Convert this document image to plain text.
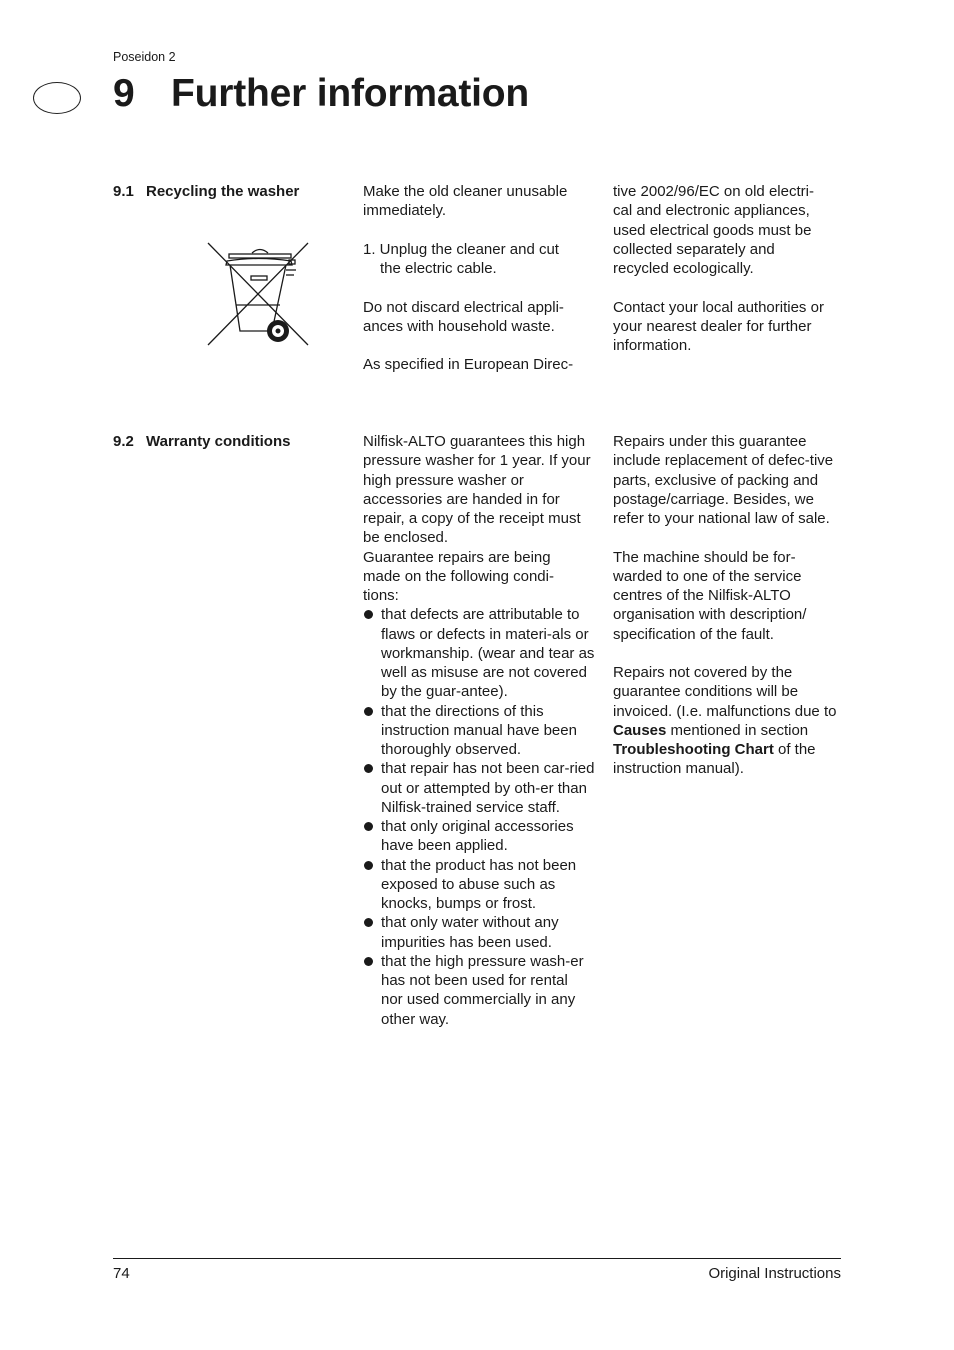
Poseidon 2
9 Further information
9.1 Recycling the washer	Make the old cleaner unusable immediately.

1. Unplug the cleaner and cut

the electric cable.

Do not discard electrical appli-ances with household waste.

As specified in European Direc-

tive 2002/96/EC on old electri-cal and electronic appliances, used electrical goods must be collected separately and recycled ecologically.

Contact your local authorities or your nearest dealer for further information.

9.2 Warranty conditions	Nilfisk-ALTO guarantees this high pressure washer for 1 year. If your high pressure washer or accessories are handed in for repair, a copy of the receipt must be enclosed.

Guarantee repairs are being made on the following condi-tions:

that defects are attributable to flaws or defects in materi-als or workmanship. (wear and tear as well as misuse are not covered by the guar-antee).
that the directions of this instruction manual have been thoroughly observed.
that repair has not been car-ried out or attempted by oth-er than Nilfisk-trained service staff.
that only original accessories have been applied.
that the product has not been exposed to abuse such as knocks, bumps or frost.
that only water without any impurities has been used.
that the high pressure wash-er has not been used for rental nor used commercially in any other way.

Repairs under this guarantee include replacement of defec-tive parts, exclusive of packing and postage/carriage. Besides, we refer to your national law of sale.

The machine should be for-warded to one of the service centres of the Nilfisk-ALTO organisation with description/ specification of the fault.

Repairs not covered by the guarantee conditions will be invoiced. (I.e. malfunctions due to Causes mentioned in section Troubleshooting Chart of the instruction manual).

74	Original Instructions
